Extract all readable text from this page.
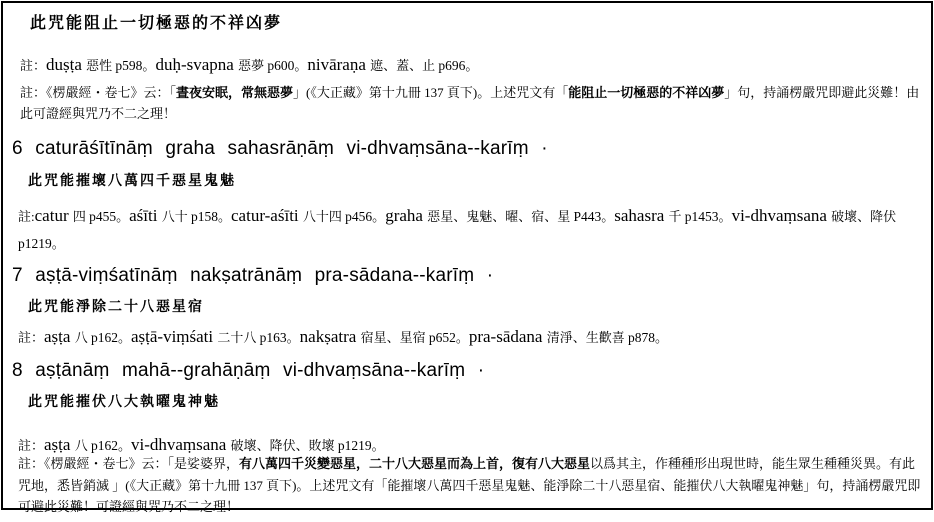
此咒能阻止一切極惡的不祥凶夢

註：duṣṭa 惡性 p598。duḥ-svapna 惡夢 p600。nivāraṇa 遮、蓋、止 p696。

註：《楞嚴經・卷七》云：「晝夜安眠，常無惡夢」(《大正藏》第十九冊 137 頁下)。上述咒文有「能阻止一切極惡的不祥凶夢」句，持誦楞嚴咒即避此災難！由此可證經與咒乃不二之理！

6 caturāśītīnāṃ graha sahasrāṇāṃ vi-dhvaṃsāna--karīṃ ·
此咒能摧壞八萬四千惡星鬼魅

註:catur 四 p455。aśīti 八十 p158。catur-aśīti 八十四 p456。graha 惡星、鬼魅、曜、宿、星 P443。sahasra 千 p1453。vi-dhvaṃsana 破壞、降伏 p1219。

7 aṣṭā-viṃśatīnāṃ nakṣatrānāṃ pra-sādana--karīṃ ·
此咒能淨除二十八惡星宿

註：aṣṭa 八 p162。aṣṭā-viṃśati 二十八 p163。nakṣatra 宿星、星宿 p652。pra-sādana 清淨、生歡喜 p878。

8 aṣṭānāṃ mahā--grahāṇāṃ vi-dhvaṃsāna--karīṃ ·
此咒能摧伏八大執曜鬼神魅

註：aṣṭa 八 p162。vi-dhvaṃsana 破壞、降伏、敗壞 p1219。

註：《楞嚴經・卷七》云：「是娑婆界，有八萬四千災變惡星，二十八大惡星而為上首，復有八大惡星以爲其主，作種種形出現世時，能生眾生種種災異。有此咒地，悉皆銷滅 」(《大正藏》第十九冊 137 頁下)。上述咒文有「能摧壞八萬四千惡星鬼魅、能淨除二十八惡星宿、能摧伏八大執曜鬼神魅」句，持誦楞嚴咒即可避此災難！可證經與咒乃不二之理！
